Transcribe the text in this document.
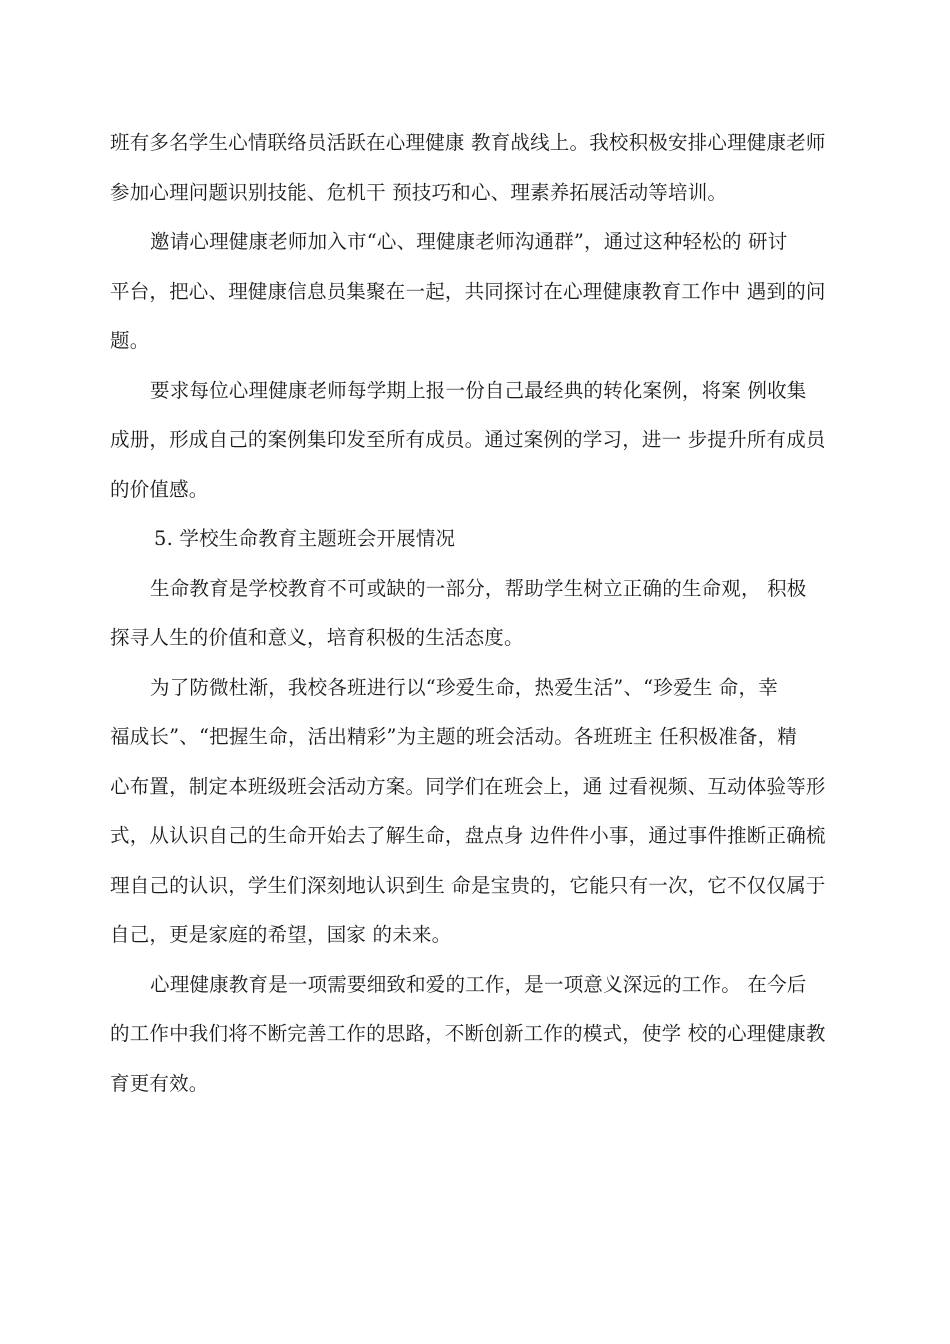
班有多名学生心情联络员活跃在心理健康 教育战线上。我校积极安排心理健康老师
参加心理问题识别技能、危机干 预技巧和心、理素养拓展活动等培训。

邀请心理健康老师加入市“心、理健康老师沟通群”，通过这种轻松的 研讨
平台，把心、理健康信息员集聚在一起，共同探讨在心理健康教育工作中 遇到的问
题。

要求每位心理健康老师每学期上报一份自己最经典的转化案例，将案 例收集
成册，形成自己的案例集印发至所有成员。通过案例的学习，进一 步提升所有成员
的价值感。

5. 学校生命教育主题班会开展情况

生命教育是学校教育不可或缺的一部分，帮助学生树立正确的生命观， 积极
探寻人生的价值和意义，培育积极的生活态度。

为了防微杜渐，我校各班进行以“珍爱生命，热爱生活”、“珍爱生 命，幸
福成长”、“把握生命，活出精彩”为主题的班会活动。各班班主 任积极准备，精
心布置，制定本班级班会活动方案。同学们在班会上，通 过看视频、互动体验等形
式，从认识自己的生命开始去了解生命，盘点身 边件件小事，通过事件推断正确梳
理自己的认识，学生们深刻地认识到生 命是宝贵的，它能只有一次，它不仅仅属于
自己，更是家庭的希望，国家 的未来。

心理健康教育是一项需要细致和爱的工作，是一项意义深远的工作。 在今后
的工作中我们将不断完善工作的思路，不断创新工作的模式，使学 校的心理健康教
育更有效。
